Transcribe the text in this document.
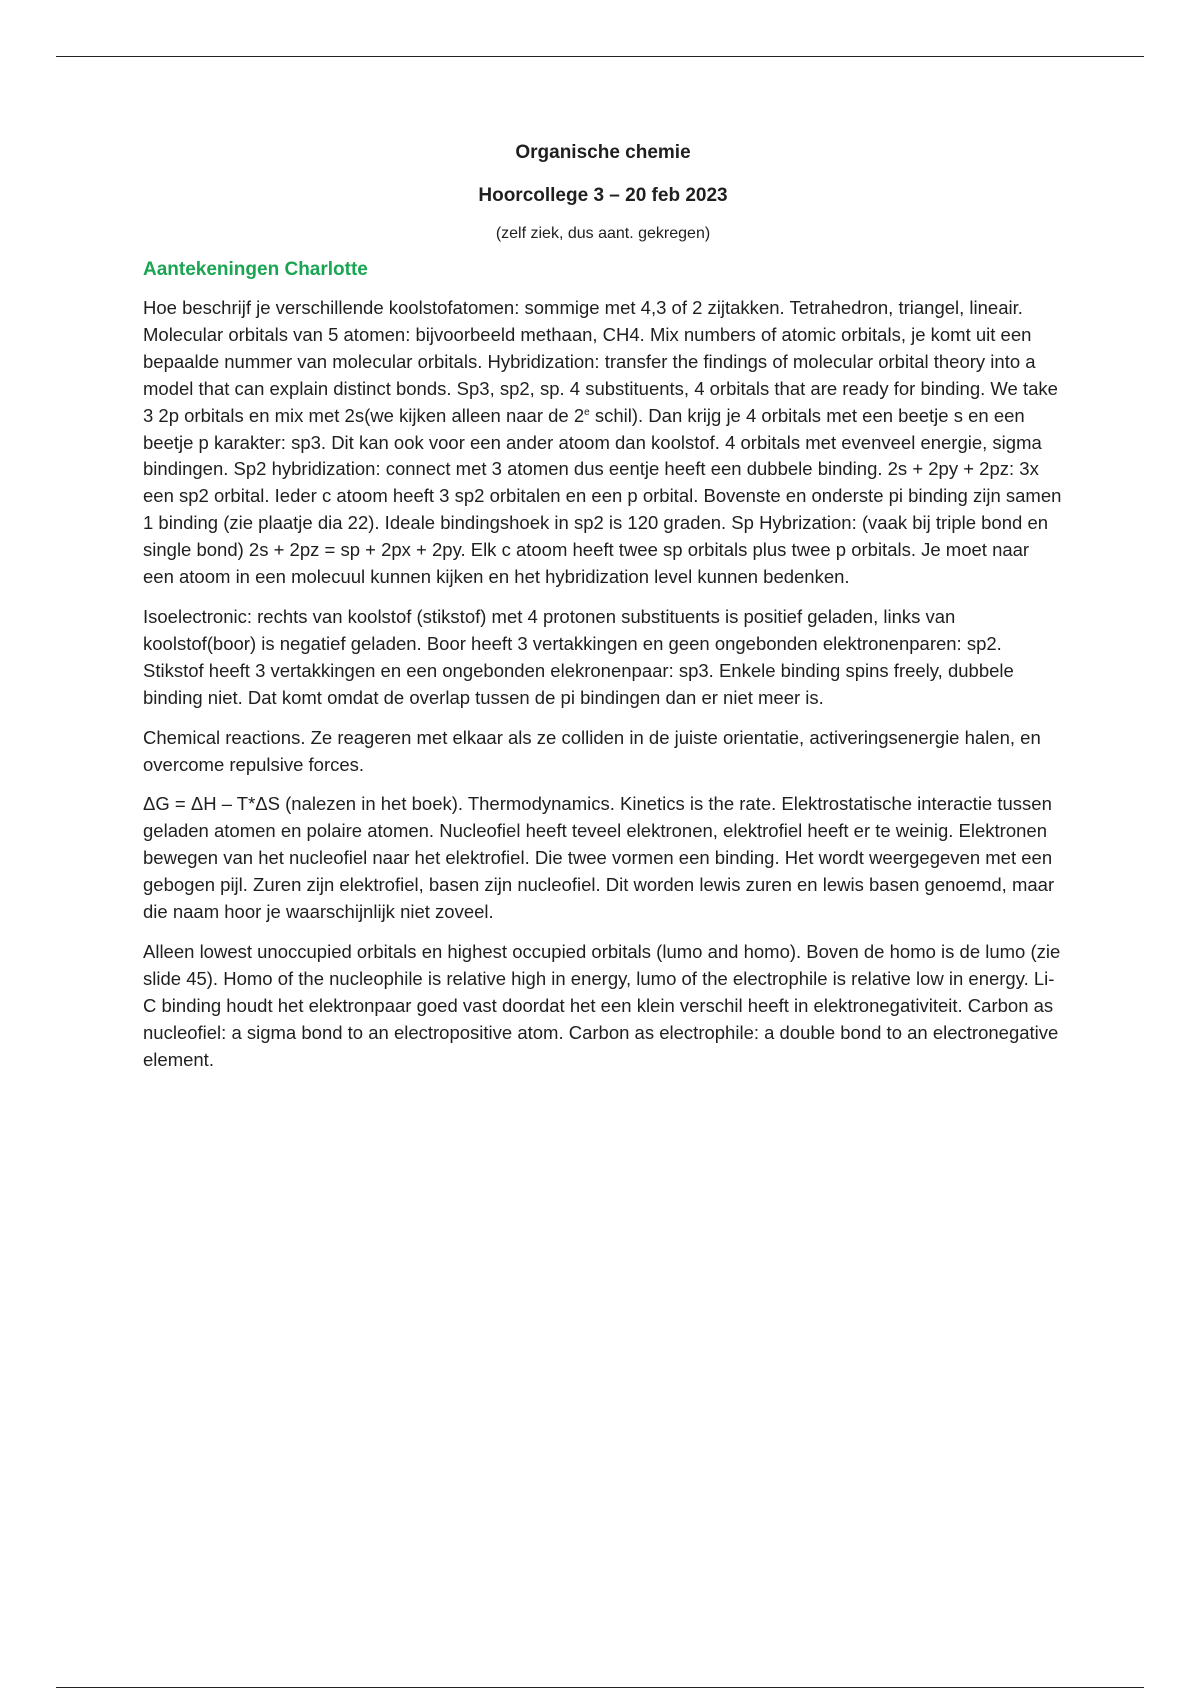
Organische chemie
Hoorcollege 3 – 20 feb 2023
(zelf ziek, dus aant. gekregen)
Aantekeningen Charlotte

Hoe beschrijf je verschillende koolstofatomen: sommige met 4,3 of 2 zijtakken. Tetrahedron, triangel, lineair. Molecular orbitals van 5 atomen: bijvoorbeeld methaan, CH4. Mix numbers of atomic orbitals, je komt uit een bepaalde nummer van molecular orbitals. Hybridization: transfer the findings of molecular orbital theory into a model that can explain distinct bonds. Sp3, sp2, sp. 4 substituents, 4 orbitals that are ready for binding. We take 3 2p orbitals en mix met 2s(we kijken alleen naar de 2e schil). Dan krijg je 4 orbitals met een beetje s en een beetje p karakter: sp3. Dit kan ook voor een ander atoom dan koolstof. 4 orbitals met evenveel energie, sigma bindingen. Sp2 hybridization: connect met 3 atomen dus eentje heeft een dubbele binding. 2s + 2py + 2pz: 3x een sp2 orbital. Ieder c atoom heeft 3 sp2 orbitalen en een p orbital. Bovenste en onderste pi binding zijn samen 1 binding (zie plaatje dia 22). Ideale bindingshoek in sp2 is 120 graden. Sp Hybrization: (vaak bij triple bond en single bond) 2s + 2pz = sp + 2px + 2py. Elk c atoom heeft twee sp orbitals plus twee p orbitals. Je moet naar een atoom in een molecuul kunnen kijken en het hybridization level kunnen bedenken.

Isoelectronic: rechts van koolstof (stikstof) met 4 protonen substituents is positief geladen, links van koolstof(boor) is negatief geladen. Boor heeft 3 vertakkingen en geen ongebonden elektronenparen: sp2. Stikstof heeft 3 vertakkingen en een ongebonden elekronenpaar: sp3. Enkele binding spins freely, dubbele binding niet. Dat komt omdat de overlap tussen de pi bindingen dan er niet meer is.

Chemical reactions. Ze reageren met elkaar als ze colliden in de juiste orientatie, activeringsenergie halen, en overcome repulsive forces.

ΔG = ΔH – T*ΔS (nalezen in het boek). Thermodynamics. Kinetics is the rate. Elektrostatische interactie tussen geladen atomen en polaire atomen. Nucleofiel heeft teveel elektronen, elektrofiel heeft er te weinig. Elektronen bewegen van het nucleofiel naar het elektrofiel. Die twee vormen een binding. Het wordt weergegeven met een gebogen pijl. Zuren zijn elektrofiel, basen zijn nucleofiel. Dit worden lewis zuren en lewis basen genoemd, maar die naam hoor je waarschijnlijk niet zoveel.

Alleen lowest unoccupied orbitals en highest occupied orbitals (lumo and homo). Boven de homo is de lumo (zie slide 45). Homo of the nucleophile is relative high in energy, lumo of the electrophile is relative low in energy. Li-C binding houdt het elektronpaar goed vast doordat het een klein verschil heeft in elektronegativiteit. Carbon as nucleofiel: a sigma bond to an electropositive atom. Carbon as electrophile: a double bond to an electronegative element.
